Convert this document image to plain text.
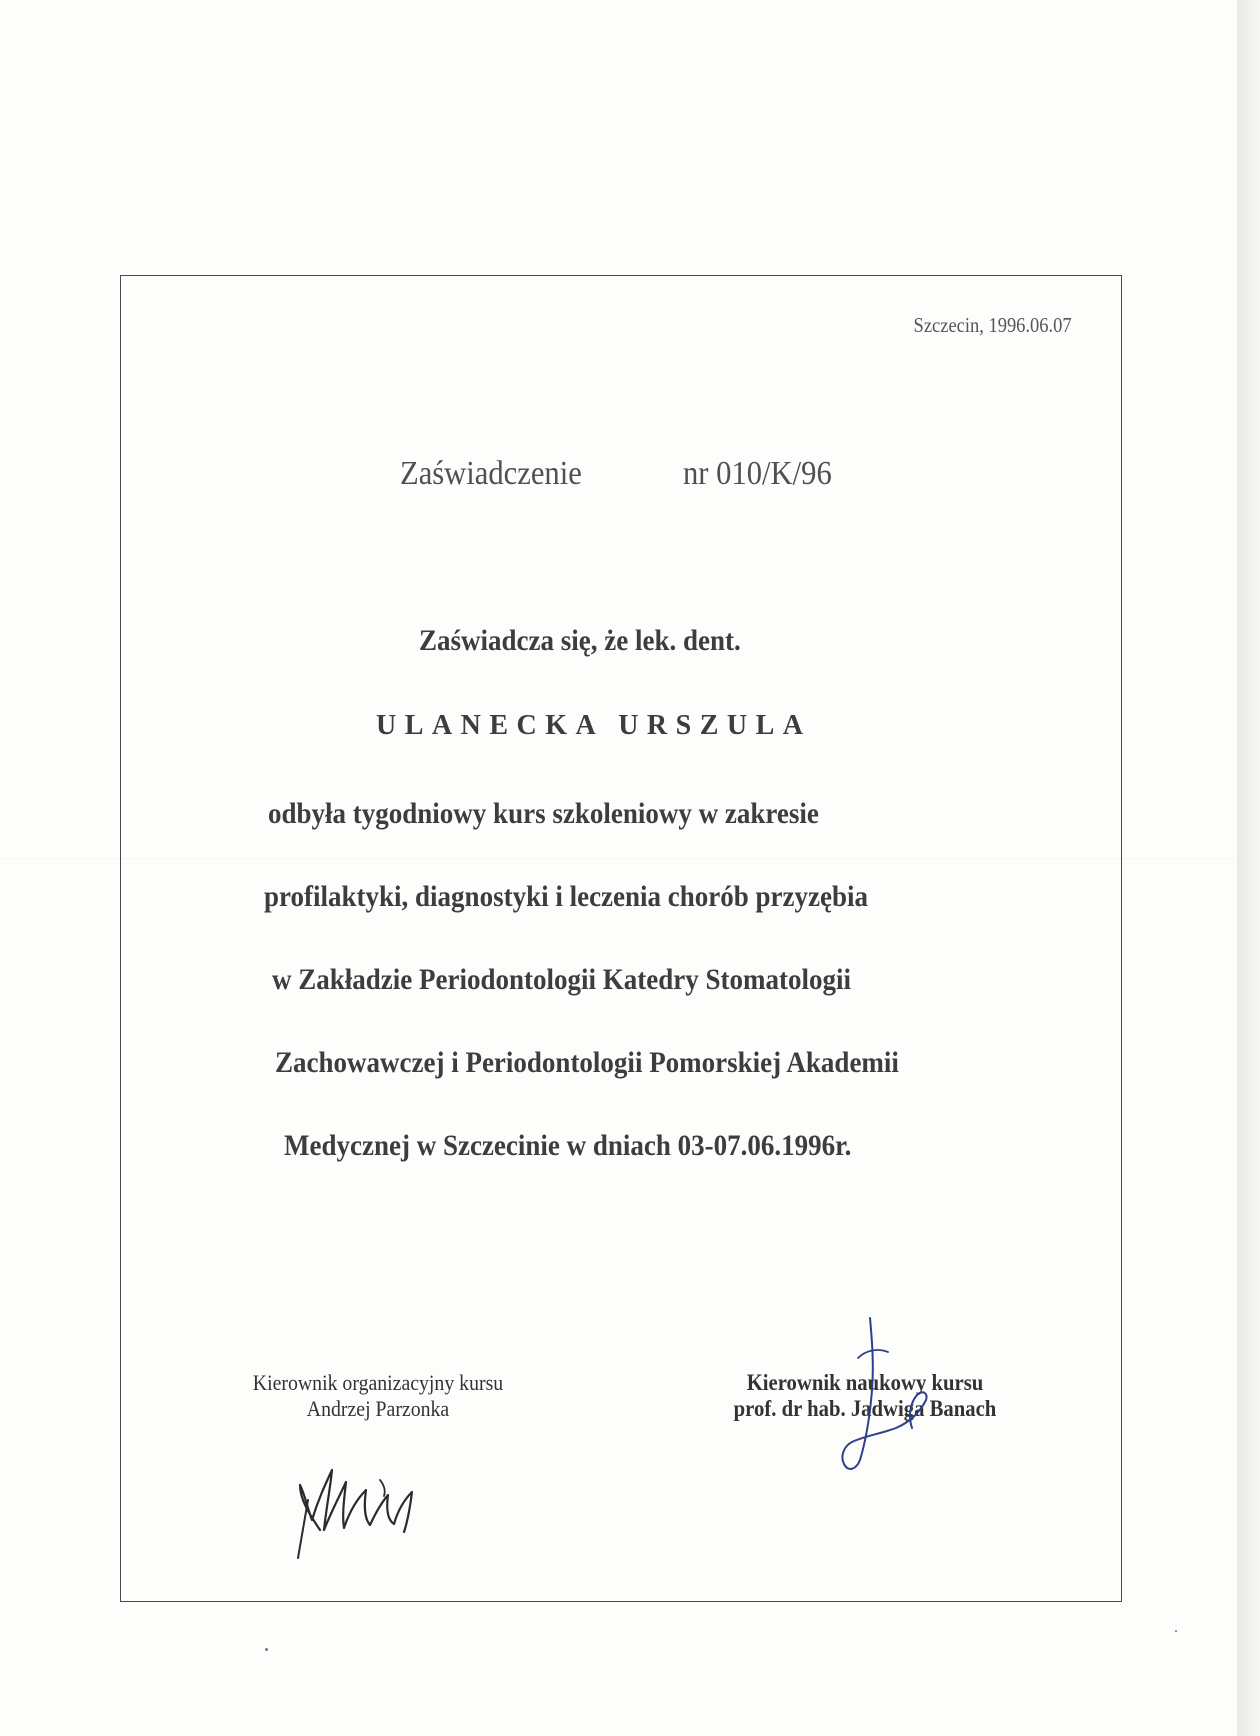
Szczecin, 1996.06.07
Zaświadczenie	nr 010/K/96
Zaświadcza się, że lek. dent.
ULANECKA URSZULA
odbyła tygodniowy kurs szkoleniowy w zakresie
profilaktyki, diagnostyki i leczenia chorób przyzębia
w Zakładzie Periodontologii Katedry Stomatologii
Zachowawczej i Periodontologii Pomorskiej Akademii
Medycznej w Szczecinie w dniach 03-07.06.1996r.
Kierownik organizacyjny kursu
Andrzej Parzonka
Kierownik naukowy kursu
prof. dr hab. Jadwiga Banach
